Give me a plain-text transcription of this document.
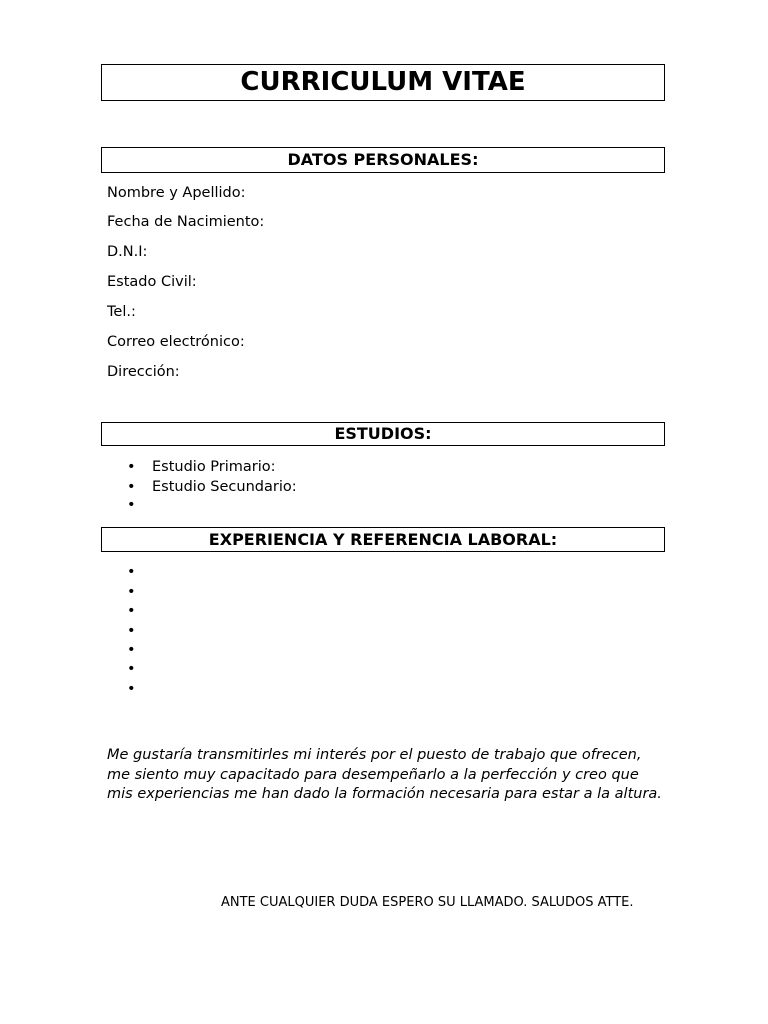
CURRICULUM VITAE
DATOS PERSONALES:
Nombre y Apellido:
Fecha de Nacimiento:
D.N.I:
Estado Civil:
Tel.:
Correo electrónico:
Dirección:
ESTUDIOS:
• Estudio Primario:
• Estudio Secundario:
•
EXPERIENCIA Y REFERENCIA LABORAL:
•
•
•
•
•
•
•
Me gustaría transmitirles mi interés por el puesto de trabajo que ofrecen, me siento muy capacitado para desempeñarlo a la perfección y creo que mis experiencias me han dado la formación necesaria para estar a la altura.
ANTE CUALQUIER DUDA ESPERO SU LLAMADO. SALUDOS ATTE.
